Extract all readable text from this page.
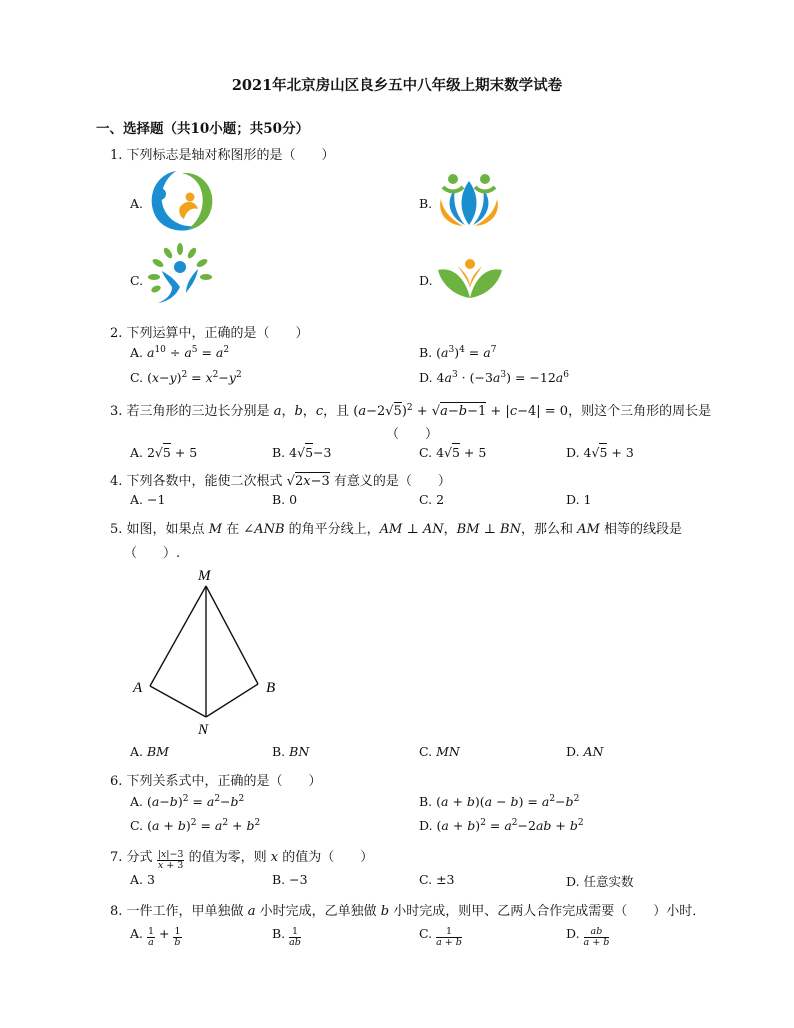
2021年北京房山区良乡五中八年级上期末数学试卷
一、选择题（共10小题；共50分）
1. 下列标志是轴对称图形的是（　　）
A.	B.
C.	D.
2. 下列运算中，正确的是（　　）
A. $a^{10} \div a^5 = a^2$	B. $(a^3)^4 = a^7$
C. $(x-y)^2 = x^2-y^2$	D. $4a^3 \cdot (-3a^3) = -12a^6$
3. 若三角形的三边长分别是 a，b，c，且 $(a-2√5)^2 + √a-b-1 + |c-4| = 0$，则这个三角形的周长是
（　　）
A. 2√5 + 5	B. 4√5−3	C. 4√5 + 5	D. 4√5 + 3
4. 下列各数中，能使二次根式 √2x−3 有意义的是（　　）
A. −1	B. 0	C. 2	D. 1
5. 如图，如果点 M 在 ∠ANB 的角平分线上，AM ⊥ AN，BM ⊥ BN，那么和 AM 相等的线段是
（　　）.
M
A	B
N
A. BM	B. BN	C. MN	D. AN
6. 下列关系式中，正确的是（　　）
A. $(a-b)^2 = a^2-b^2$	B. $(a + b)(a - b) = a^2-b^2$
C. $(a + b)^2 = a^2 + b^2$	D. $(a + b)^2 = a^2-2ab + b^2$
7. 分式 $\frac{|x|-3}{x + 3}$ 的值为零，则 x 的值为（　　）
A. 3	B. −3	C. ±3	D. 任意实数
8. 一件工作，甲单独做 a 小时完成，乙单独做 b 小时完成，则甲、乙两人合作完成需要（　　）小时．
A. $\frac{1}{a} + \frac{1}{b}$	B. $\frac{1}{ab}$	C. $\frac{1}{a + b}$	D. $\frac{ab}{a + b}$
